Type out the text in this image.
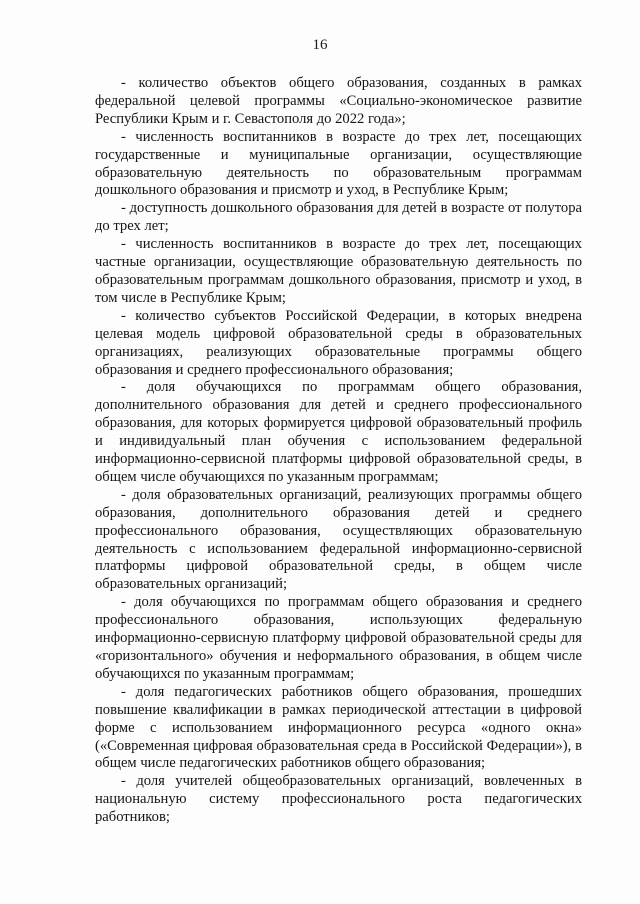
16

- количество объектов общего образования, созданных в рамках федеральной целевой программы «Социально-экономическое развитие Республики Крым и г. Севастополя до 2022 года»;

- численность воспитанников в возрасте до трех лет, посещающих государственные и муниципальные организации, осуществляющие образовательную деятельность по образовательным программам дошкольного образования и присмотр и уход, в Республике Крым;

- доступность дошкольного образования для детей в возрасте от полутора до трех лет;

- численность воспитанников в возрасте до трех лет, посещающих частные организации, осуществляющие образовательную деятельность по образовательным программам дошкольного образования, присмотр и уход, в том числе в Республике Крым;

- количество субъектов Российской Федерации, в которых внедрена целевая модель цифровой образовательной среды в образовательных организациях, реализующих образовательные программы общего образования и среднего профессионального образования;

- доля обучающихся по программам общего образования, дополнительного образования для детей и среднего профессионального образования, для которых формируется цифровой образовательный профиль и индивидуальный план обучения с использованием федеральной информационно-сервисной платформы цифровой образовательной среды, в общем числе обучающихся по указанным программам;

- доля образовательных организаций, реализующих программы общего образования, дополнительного образования детей и среднего профессионального образования, осуществляющих образовательную деятельность с использованием федеральной информационно-сервисной платформы цифровой образовательной среды, в общем числе образовательных организаций;

- доля обучающихся по программам общего образования и среднего профессионального образования, использующих федеральную информационно-сервисную платформу цифровой образовательной среды для «горизонтального» обучения и неформального образования, в общем числе обучающихся по указанным программам;

- доля педагогических работников общего образования, прошедших повышение квалификации в рамках периодической аттестации в цифровой форме с использованием информационного ресурса «одного окна» («Современная цифровая образовательная среда в Российской Федерации»), в общем числе педагогических работников общего образования;

- доля учителей общеобразовательных организаций, вовлеченных в национальную систему профессионального роста педагогических работников;
